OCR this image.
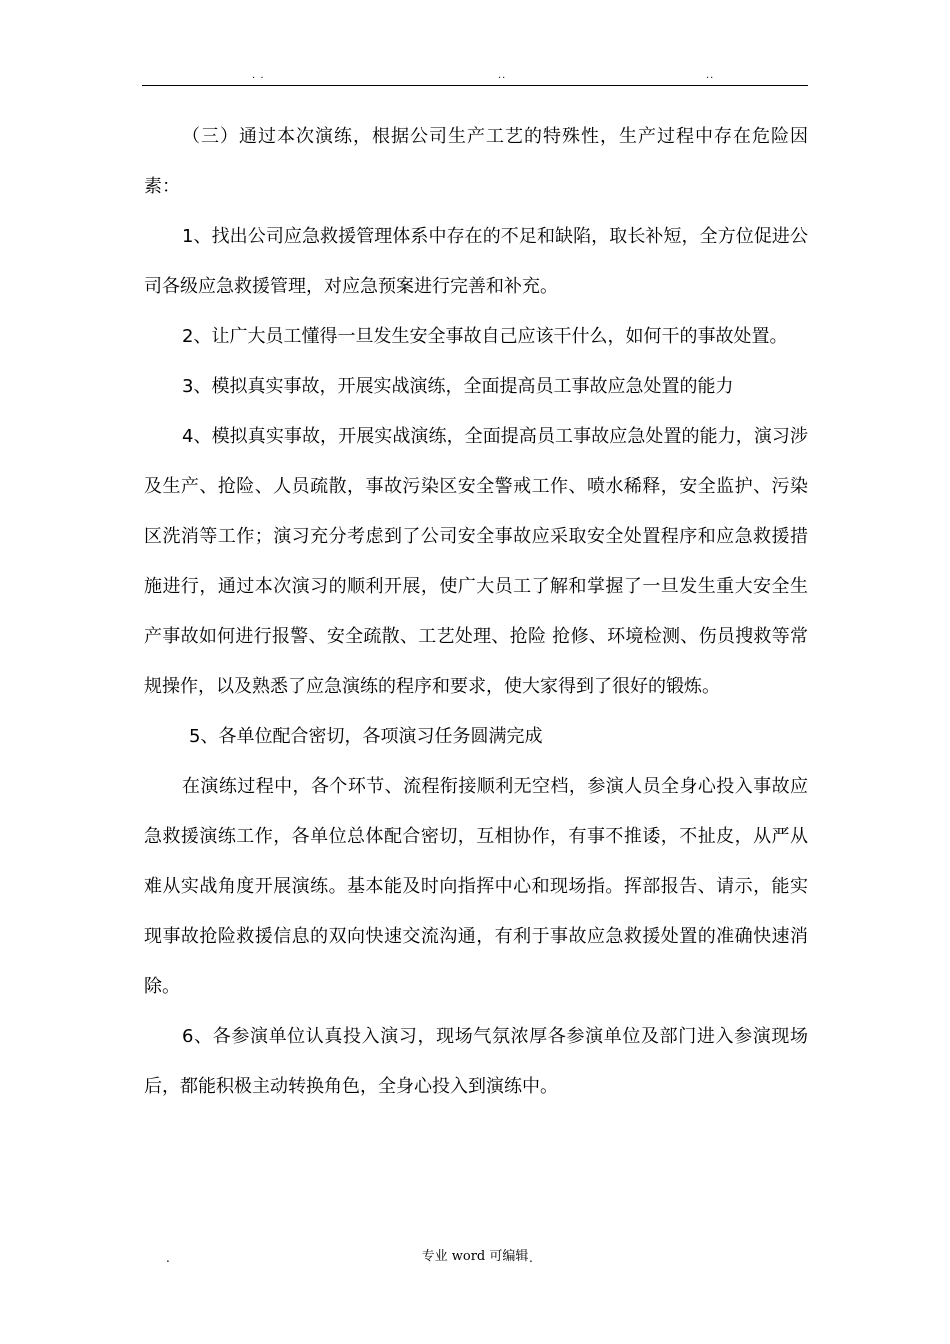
. .	..	..

（三）通过本次演练，根据公司生产工艺的特殊性，生产过程中存在危险因素：

1、找出公司应急救援管理体系中存在的不足和缺陷，取长补短，全方位促进公司各级应急救援管理，对应急预案进行完善和补充。

2、让广大员工懂得一旦发生安全事故自己应该干什么，如何干的事故处置。

3、模拟真实事故，开展实战演练，全面提高员工事故应急处置的能力

4、模拟真实事故，开展实战演练，全面提高员工事故应急处置的能力，演习涉及生产、抢险、人员疏散，事故污染区安全警戒工作、喷水稀释，安全监护、污染区洗消等工作；演习充分考虑到了公司安全事故应采取安全处置程序和应急救援措施进行，通过本次演习的顺利开展，使广大员工了解和掌握了一旦发生重大安全生产事故如何进行报警、安全疏散、工艺处理、抢险 抢修、环境检测、伤员搜救等常规操作，以及熟悉了应急演练的程序和要求，使大家得到了很好的锻炼。

5、各单位配合密切，各项演习任务圆满完成

在演练过程中，各个环节、流程衔接顺利无空档，参演人员全身心投入事故应急救援演练工作，各单位总体配合密切，互相协作，有事不推诿，不扯皮，从严从难从实战角度开展演练。基本能及时向指挥中心和现场指。挥部报告、请示，能实现事故抢险救援信息的双向快速交流沟通，有利于事故应急救援处置的准确快速消除。

6、各参演单位认真投入演习，现场气氛浓厚各参演单位及部门进入参演现场后，都能积极主动转换角色，全身心投入到演练中。

.	专业 word 可编辑 .
